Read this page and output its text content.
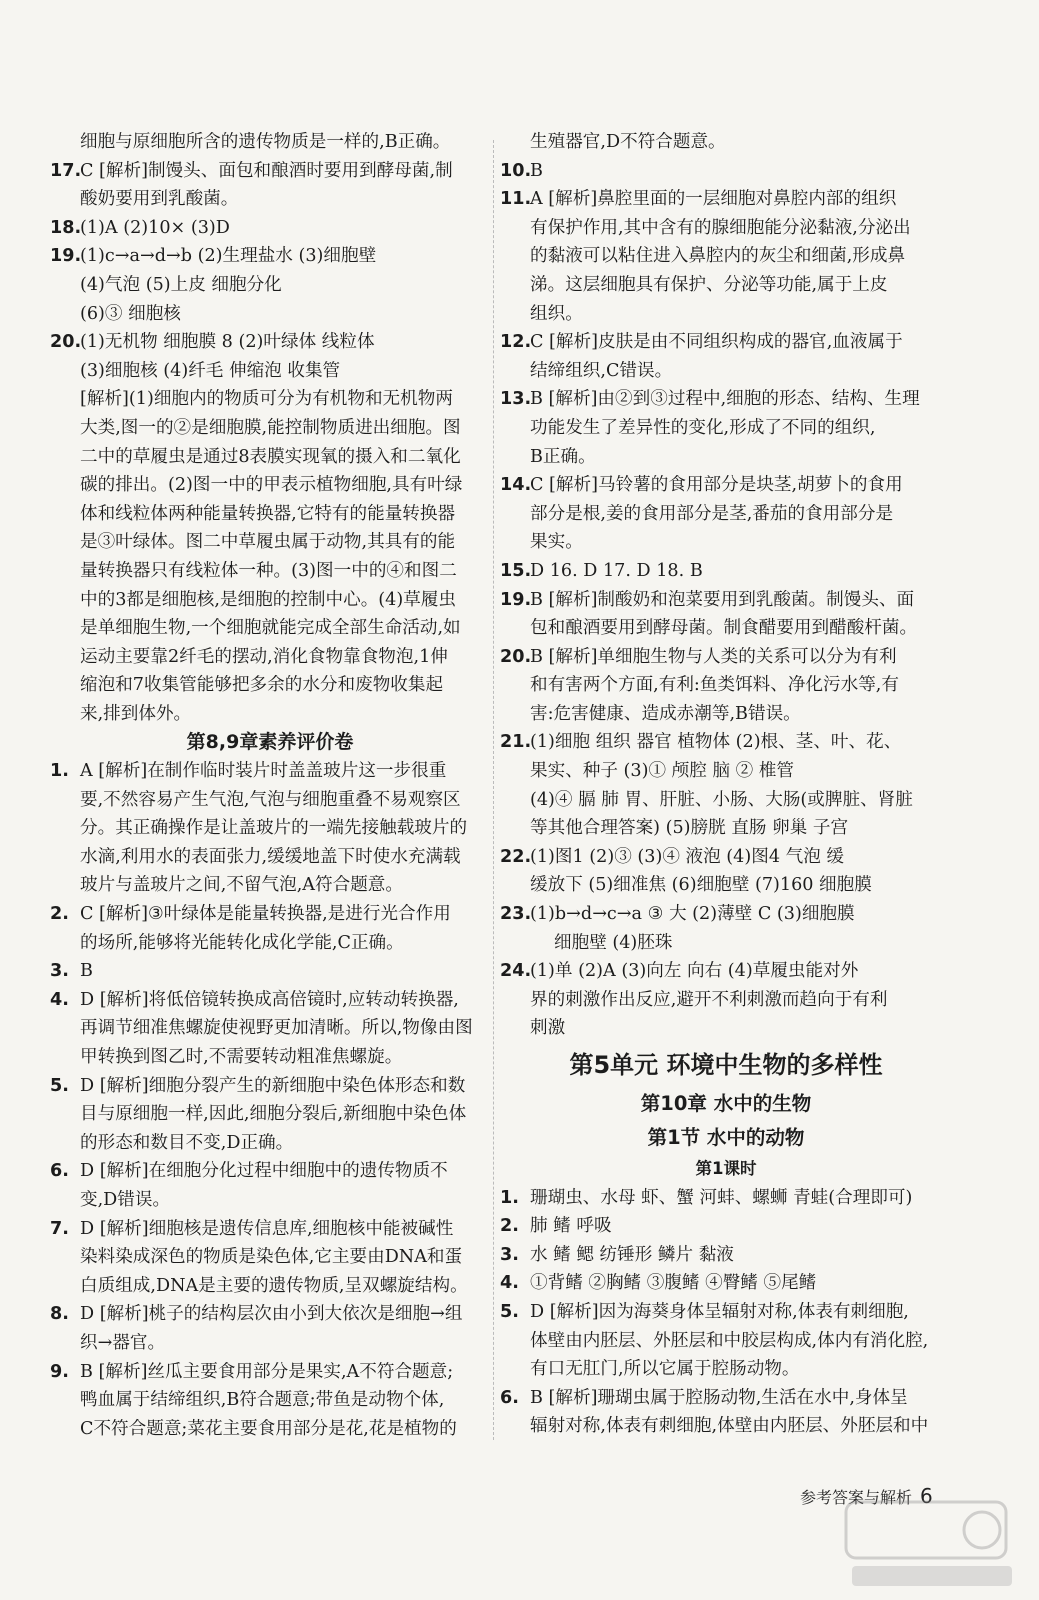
细胞与原细胞所含的遗传物质是一样的,B正确。
17.C [解析]制馒头、面包和酿酒时要用到酵母菌,制
酸奶要用到乳酸菌。
18.(1)A (2)10× (3)D
19.(1)c→a→d→b (2)生理盐水 (3)细胞壁
(4)气泡 (5)上皮 细胞分化
(6)③ 细胞核
20.(1)无机物 细胞膜 8 (2)叶绿体 线粒体
(3)细胞核 (4)纤毛 伸缩泡 收集管
[解析](1)细胞内的物质可分为有机物和无机物两
大类,图一的②是细胞膜,能控制物质进出细胞。图
二中的草履虫是通过8表膜实现氧的摄入和二氧化
碳的排出。(2)图一中的甲表示植物细胞,具有叶绿
体和线粒体两种能量转换器,它特有的能量转换器
是③叶绿体。图二中草履虫属于动物,其具有的能
量转换器只有线粒体一种。(3)图一中的④和图二
中的3都是细胞核,是细胞的控制中心。(4)草履虫
是单细胞生物,一个细胞就能完成全部生命活动,如
运动主要靠2纤毛的摆动,消化食物靠食物泡,1伸
缩泡和7收集管能够把多余的水分和废物收集起
来,排到体外。
第8,9章素养评价卷
1. A [解析]在制作临时装片时盖盖玻片这一步很重
要,不然容易产生气泡,气泡与细胞重叠不易观察区
分。其正确操作是让盖玻片的一端先接触载玻片的
水滴,利用水的表面张力,缓缓地盖下时使水充满载
玻片与盖玻片之间,不留气泡,A符合题意。
2. C [解析]③叶绿体是能量转换器,是进行光合作用
的场所,能够将光能转化成化学能,C正确。
3. B
4. D [解析]将低倍镜转换成高倍镜时,应转动转换器,
再调节细准焦螺旋使视野更加清晰。所以,物像由图
甲转换到图乙时,不需要转动粗准焦螺旋。
5. D [解析]细胞分裂产生的新细胞中染色体形态和数
目与原细胞一样,因此,细胞分裂后,新细胞中染色体
的形态和数目不变,D正确。
6. D [解析]在细胞分化过程中细胞中的遗传物质不
变,D错误。
7. D [解析]细胞核是遗传信息库,细胞核中能被碱性
染料染成深色的物质是染色体,它主要由DNA和蛋
白质组成,DNA是主要的遗传物质,呈双螺旋结构。
8. D [解析]桃子的结构层次由小到大依次是细胞→组
织→器官。
9. B [解析]丝瓜主要食用部分是果实,A不符合题意;
鸭血属于结缔组织,B符合题意;带鱼是动物个体,
C不符合题意;菜花主要食用部分是花,花是植物的
生殖器官,D不符合题意。
10.B
11.A [解析]鼻腔里面的一层细胞对鼻腔内部的组织
有保护作用,其中含有的腺细胞能分泌黏液,分泌出
的黏液可以粘住进入鼻腔内的灰尘和细菌,形成鼻
涕。这层细胞具有保护、分泌等功能,属于上皮
组织。
12.C [解析]皮肤是由不同组织构成的器官,血液属于
结缔组织,C错误。
13.B [解析]由②到③过程中,细胞的形态、结构、生理
功能发生了差异性的变化,形成了不同的组织,
B正确。
14.C [解析]马铃薯的食用部分是块茎,胡萝卜的食用
部分是根,姜的食用部分是茎,番茄的食用部分是
果实。
15.D 16. D 17. D 18. B
19.B [解析]制酸奶和泡菜要用到乳酸菌。制馒头、面
包和酿酒要用到酵母菌。制食醋要用到醋酸杆菌。
20.B [解析]单细胞生物与人类的关系可以分为有利
和有害两个方面,有利:鱼类饵料、净化污水等,有
害:危害健康、造成赤潮等,B错误。
21.(1)细胞 组织 器官 植物体 (2)根、茎、叶、花、
果实、种子 (3)① 颅腔 脑 ② 椎管
(4)④ 膈 肺 胃、肝脏、小肠、大肠(或脾脏、肾脏
等其他合理答案) (5)膀胱 直肠 卵巢 子宫
22.(1)图1 (2)③ (3)④ 液泡 (4)图4 气泡 缓
缓放下 (5)细准焦 (6)细胞壁 (7)160 细胞膜
23.(1)b→d→c→a ③ 大 (2)薄壁 C (3)细胞膜
细胞壁 (4)胚珠
24.(1)单 (2)A (3)向左 向右 (4)草履虫能对外
界的刺激作出反应,避开不利刺激而趋向于有利
刺激
第5单元 环境中生物的多样性
第10章 水中的生物
第1节 水中的动物
第1课时
1. 珊瑚虫、水母 虾、蟹 河蚌、螺蛳 青蛙(合理即可)
2. 肺 鳍 呼吸
3. 水 鳍 鳃 纺锤形 鳞片 黏液
4. ①背鳍 ②胸鳍 ③腹鳍 ④臀鳍 ⑤尾鳍
5. D [解析]因为海葵身体呈辐射对称,体表有刺细胞,
体壁由内胚层、外胚层和中胶层构成,体内有消化腔,
有口无肛门,所以它属于腔肠动物。
6. B [解析]珊瑚虫属于腔肠动物,生活在水中,身体呈
辐射对称,体表有刺细胞,体壁由内胚层、外胚层和中
参考答案与解析 6
